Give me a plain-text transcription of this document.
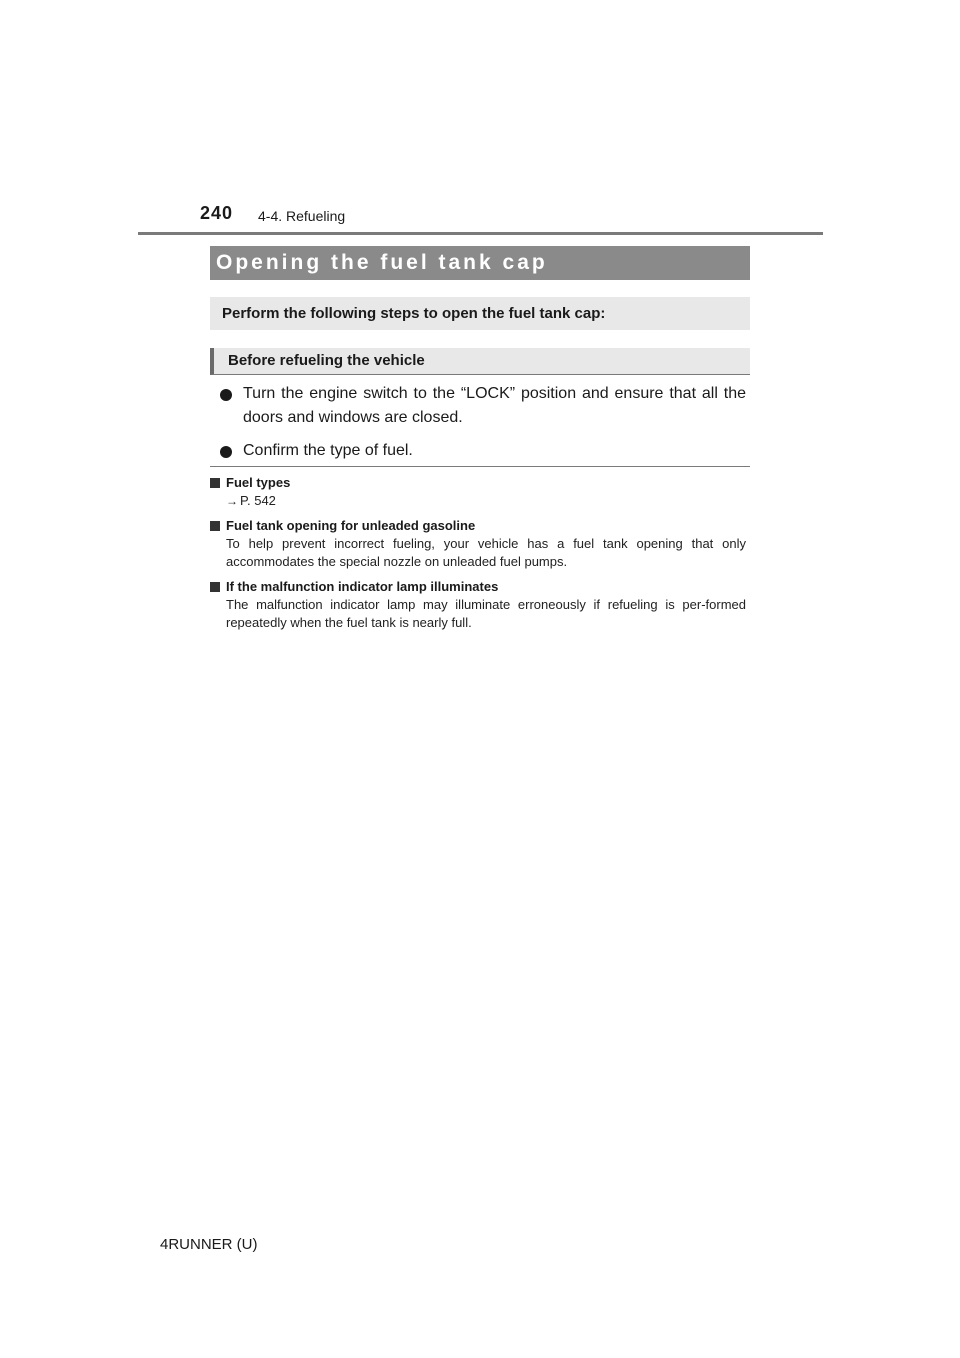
240 4-4. Refueling
Opening the fuel tank cap
Perform the following steps to open the fuel tank cap:
Before refueling the vehicle
Turn the engine switch to the “LOCK” position and ensure that all the doors and windows are closed.
Confirm the type of fuel.
Fuel types
→ P. 542
Fuel tank opening for unleaded gasoline
To help prevent incorrect fueling, your vehicle has a fuel tank opening that only accommodates the special nozzle on unleaded fuel pumps.
If the malfunction indicator lamp illuminates
The malfunction indicator lamp may illuminate erroneously if refueling is per-formed repeatedly when the fuel tank is nearly full.
4RUNNER (U)
